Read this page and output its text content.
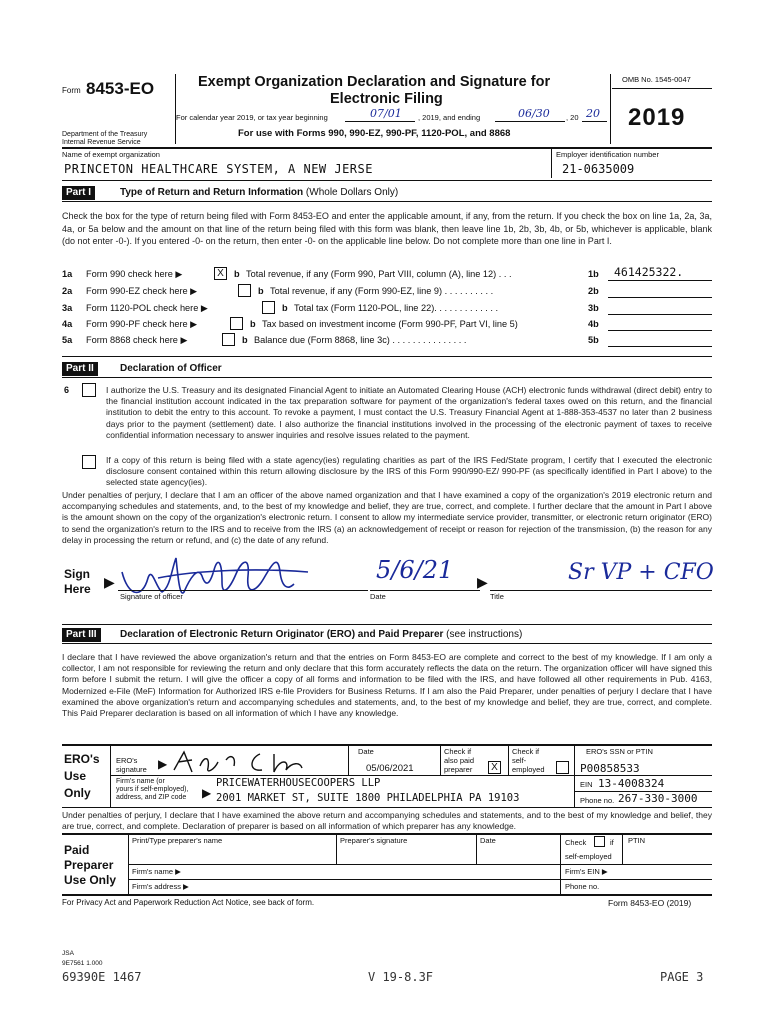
Form 8453-EO	Exempt Organization Declaration and Signature for
Electronic Filing
OMB No. 1545-0047
For calendar year 2019, or tax year beginning	07/01 , 2019, and ending	06/30 , 20 20 2019
For use with Forms 990, 990-EZ, 990-PF, 1120-POL, and 8868
Department of the Treasury
Internal Revenue Service
Name of exempt organization
PRINCETON HEALTHCARE SYSTEM, A NEW JERSE
Employer identification number
21-0635009
Part I	Type of Return and Return Information (Whole Dollars Only)
Check the box for the type of return being filed with Form 8453-EO and enter the applicable amount, if any, from the return. If you check the box on line 1a, 2a, 3a, 4a, or 5a below and the amount on that line of the return being filed with this form was blank, then leave line 1b, 2b, 3b, 4b, or 5b, whichever is applicable, blank (do not enter -0-). If you entered -0- on the return, then enter -0- on the applicable line below. Do not complete more than one line in Part I.
1a Form 990 check here ▶	X	b Total revenue, if any (Form 990, Part VIII, column (A), line 12) . . .	1b 461425322.
2a Form 990-EZ check here ▶	b Total revenue, if any (Form 990-EZ, line 9) . . . . . . . . . .	2b
3a Form 1120-POL check here ▶	b Total tax (Form 1120-POL, line 22). . . . . . . . . . . . .	3b
4a Form 990-PF check here ▶	b Tax based on investment income (Form 990-PF, Part VI, line 5)	4b
5a Form 8868 check here ▶	b Balance due (Form 8868, line 3c) . . . . . . . . . . . . . . .	5b
Part II	Declaration of Officer
6	I authorize the U.S. Treasury and its designated Financial Agent to initiate an Automated Clearing House (ACH) electronic funds withdrawal (direct debit) entry to the financial institution account indicated in the tax preparation software for payment of the organization's federal taxes owed on this return, and the financial institution to debit the entry to this account. To revoke a payment, I must contact the U.S. Treasury Financial Agent at 1-888-353-4537 no later than 2 business days prior to the payment (settlement) date. I also authorize the financial institutions involved in the processing of the electronic payment of taxes to receive confidential information necessary to answer inquiries and resolve issues related to the payment.
If a copy of this return is being filed with a state agency(ies) regulating charities as part of the IRS Fed/State program, I certify that I executed the electronic disclosure consent contained within this return allowing disclosure by the IRS of this Form 990/990-EZ/ 990-PF (as specifically identified in Part I above) to the selected state agency(ies).
Under penalties of perjury, I declare that I am an officer of the above named organization and that I have examined a copy of the organization's 2019 electronic return and accompanying schedules and statements, and, to the best of my knowledge and belief, they are true, correct, and complete. I further declare that the amount in Part I above is the amount shown on the copy of the organization's electronic return. I consent to allow my intermediate service provider, transmitter, or electronic return originator (ERO) to send the organization's return to the IRS and to receive from the IRS (a) an acknowledgement of receipt or reason for rejection of the transmission, (b) the reason for any delay in processing the return or refund, and (c) the date of any refund.
Sign
Here ▶	5/6/21 ▶	Sr VP + CFO
Signature of officer	Date	Title
Part III	Declaration of Electronic Return Originator (ERO) and Paid Preparer (see instructions)
I declare that I have reviewed the above organization's return and that the entries on Form 8453-EO are complete and correct to the best of my knowledge. If I am only a collector, I am not responsible for reviewing the return and only declare that this form accurately reflects the data on the return. The organization officer will have signed this form before I submit the return. I will give the officer a copy of all forms and information to be filed with the IRS, and have followed all other requirements in Pub. 4163, Modernized e-File (MeF) Information for Authorized IRS e-file Providers for Business Returns. If I am also the Paid Preparer, under penalties of perjury I declare that I have examined the above organization's return and accompanying schedules and statements, and, to the best of my knowledge and belief, they are true, correct, and complete. This Paid Preparer declaration is based on all information of which I have any knowledge.
ERO's
Use
Only
ERO's
signature ▶
Date
05/06/2021
Check if
also paid
preparer	X
Check if
self-
employed
ERO's SSN or PTIN
P00858533
Firm's name (or
yours if self-employed),
address, and ZIP code ▶
PRICEWATERHOUSECOOPERS LLP
2001 MARKET ST, SUITE 1800 PHILADELPHIA PA 19103
EIN 13-4008324
Phone no. 267-330-3000
Under penalties of perjury, I declare that I have examined the above return and accompanying schedules and statements, and to the best of my knowledge and belief, they are true, correct, and complete. Declaration of preparer is based on all information of which preparer has any knowledge.
Paid
Preparer
Use Only
Print/Type preparer's name	Preparer's signature	Date	Check	if
self-employed
PTIN
Firm's name ▶	Firm's EIN ▶
Firm's address ▶	Phone no.
For Privacy Act and Paperwork Reduction Act Notice, see back of form.	Form 8453-EO (2019)
JSA
9E7561 1.000
69390E 1467	V 19-8.3F	PAGE 3
